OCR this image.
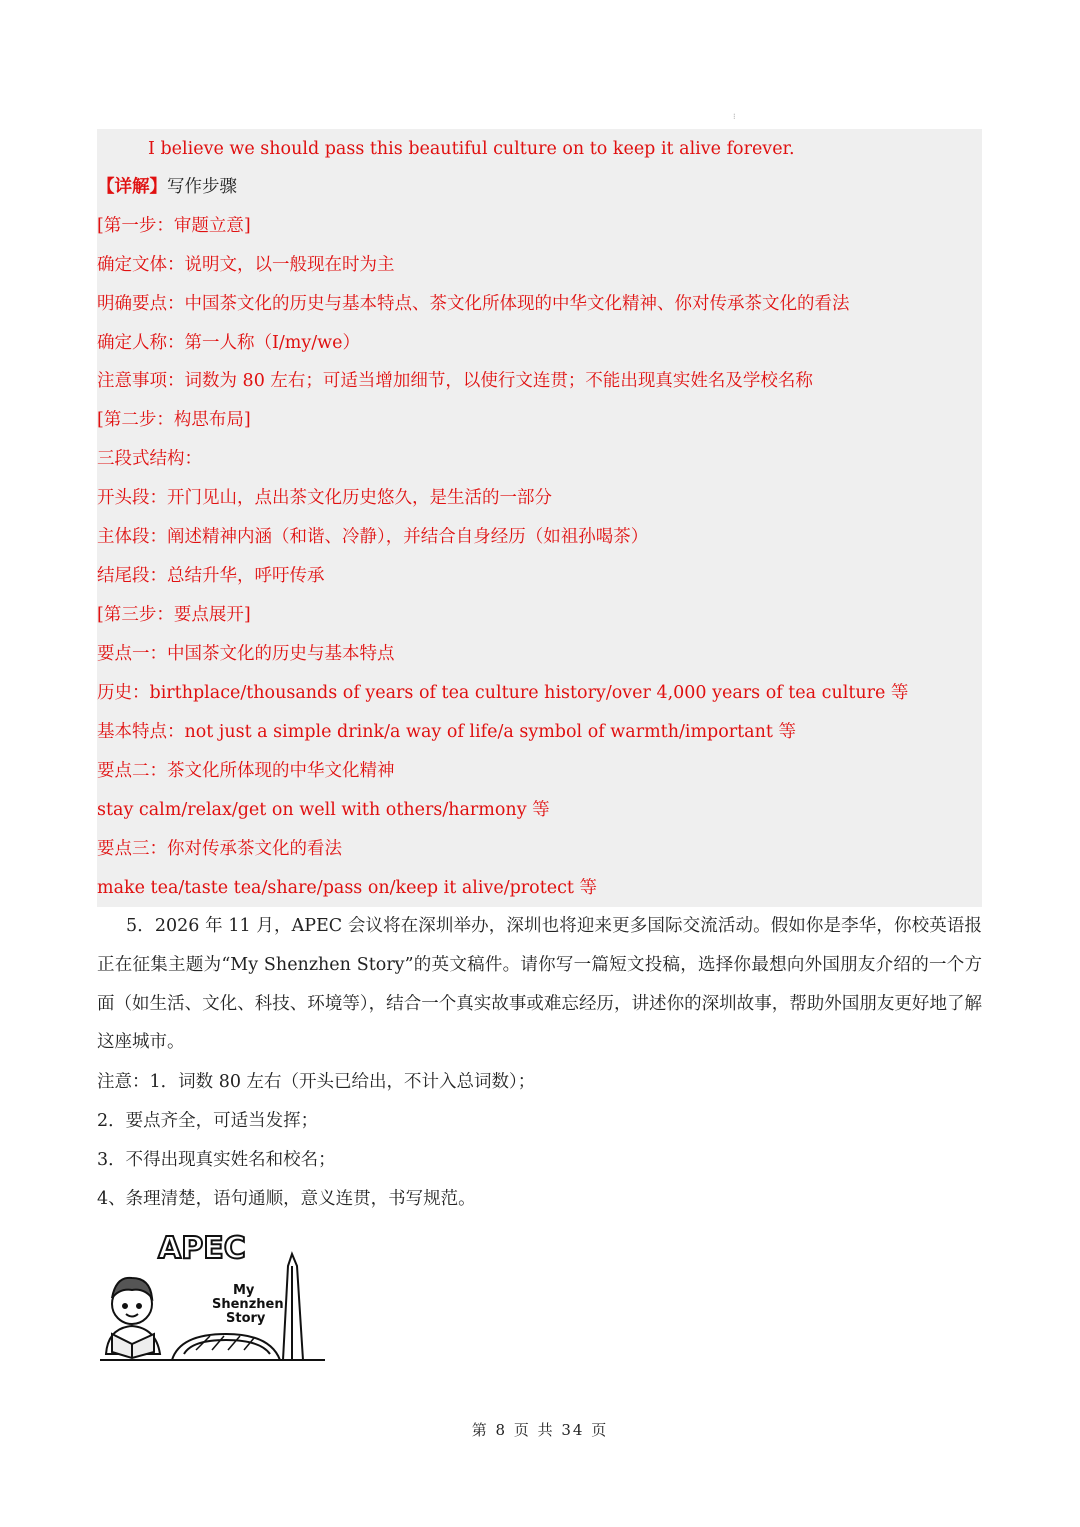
⁝
I believe we should pass this beautiful culture on to keep it alive forever.
【详解】写作步骤
[第一步：审题立意]
确定文体：说明文，以一般现在时为主
明确要点：中国茶文化的历史与基本特点、茶文化所体现的中华文化精神、你对传承茶文化的看法
确定人称：第一人称（I/my/we）
注意事项：词数为 80 左右；可适当增加细节，以使行文连贯；不能出现真实姓名及学校名称
[第二步：构思布局]
三段式结构：
开头段：开门见山，点出茶文化历史悠久，是生活的一部分
主体段：阐述精神内涵（和谐、冷静），并结合自身经历（如祖孙喝茶）
结尾段：总结升华，呼吁传承
[第三步：要点展开]
要点一：中国茶文化的历史与基本特点
历史：birthplace/thousands of years of tea culture history/over 4,000 years of tea culture 等
基本特点：not just a simple drink/a way of life/a symbol of warmth/important 等
要点二：茶文化所体现的中华文化精神
stay calm/relax/get on well with others/harmony 等
要点三：你对传承茶文化的看法
make tea/taste tea/share/pass on/keep it alive/protect 等
5．2026 年 11 月，APEC 会议将在深圳举办，深圳也将迎来更多国际交流活动。假如你是李华，你校英语报正在征集主题为“My Shenzhen Story”的英文稿件。请你写一篇短文投稿，选择你最想向外国朋友介绍的一个方面（如生活、文化、科技、环境等），结合一个真实故事或难忘经历，讲述你的深圳故事，帮助外国朋友更好地了解这座城市。
注意：1．词数 80 左右（开头已给出，不计入总词数）；
2．要点齐全，可适当发挥；
3．不得出现真实姓名和校名；
4、条理清楚，语句通顺，意义连贯，书写规范。
APEC
My
Shenzhen
Story
第 8 页 共 34 页
